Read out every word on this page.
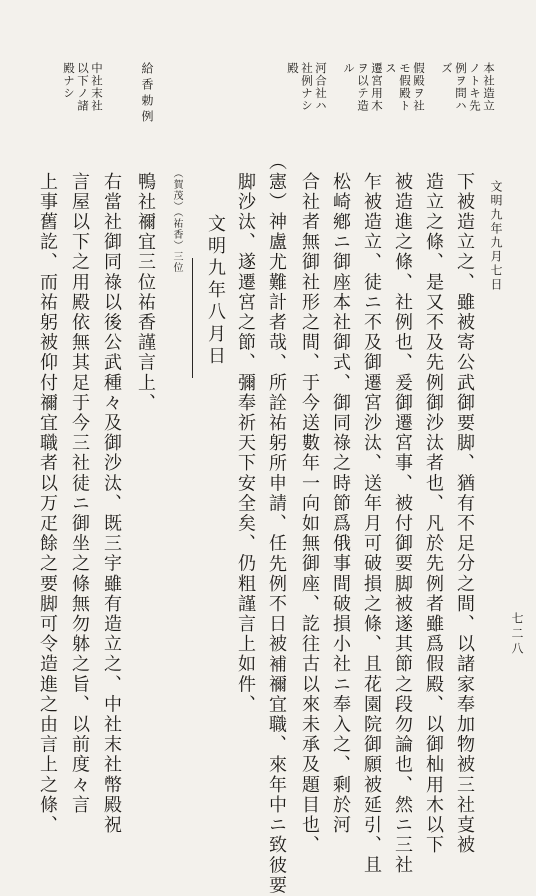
七二八
文明九年九月七日
本社造立
ノトキ先
例ヲ問ハ
ズ
假殿ヲ社
モ假殿ト
ス
遷宮用木
ヲ以テ造
ル
河合社ハ
社例ナシ
殿
給香勅例
中社末社
以下ノ諸
殿ナシ
下被造立之、雖被寄公武御要脚、猶有不足分之間、以諸家奉加物被三社㕝被
造立之條、是又不及先例御沙汰者也、凡於先例者雖爲假殿、以御杣用木以下
被造進之條、社例也、爰御遷宮事、被付御要脚被遂其節之段勿論也、然ニ三社
乍被造立、徒ニ不及御遷宮沙汰、送年月可破損之條、且花園院御願被延引、且
松崎鄕ニ御座本社御式、御同祿之時節爲俄事間破損小社ニ奉入之、剩於河
合社者無御社形之間、于今送數年一向如無御座、訖往古以來未承及題目也、
（憲）神盧尤難計者哉、所詮祐躬所申請、任先例不日被補禰宜職、來年中ニ致彼要
脚沙汰、遂遷宮之節、彌奉祈天下安全矣、仍粗謹言上如件、
文明九年八月日
（賀茂）（祐香）三位
鴨社禰宜三位祐香謹言上、
右當社御同祿以後公武種々及御沙汰、既三宇雖有造立之、中社末社幣殿祝
言屋以下之用殿依無其足于今三社徒ニ御坐之條無勿躰之旨、以前度々言
上事舊訖、而祐躬被仰付禰宜職者以万疋餘之要脚可令造進之由言上之條、
